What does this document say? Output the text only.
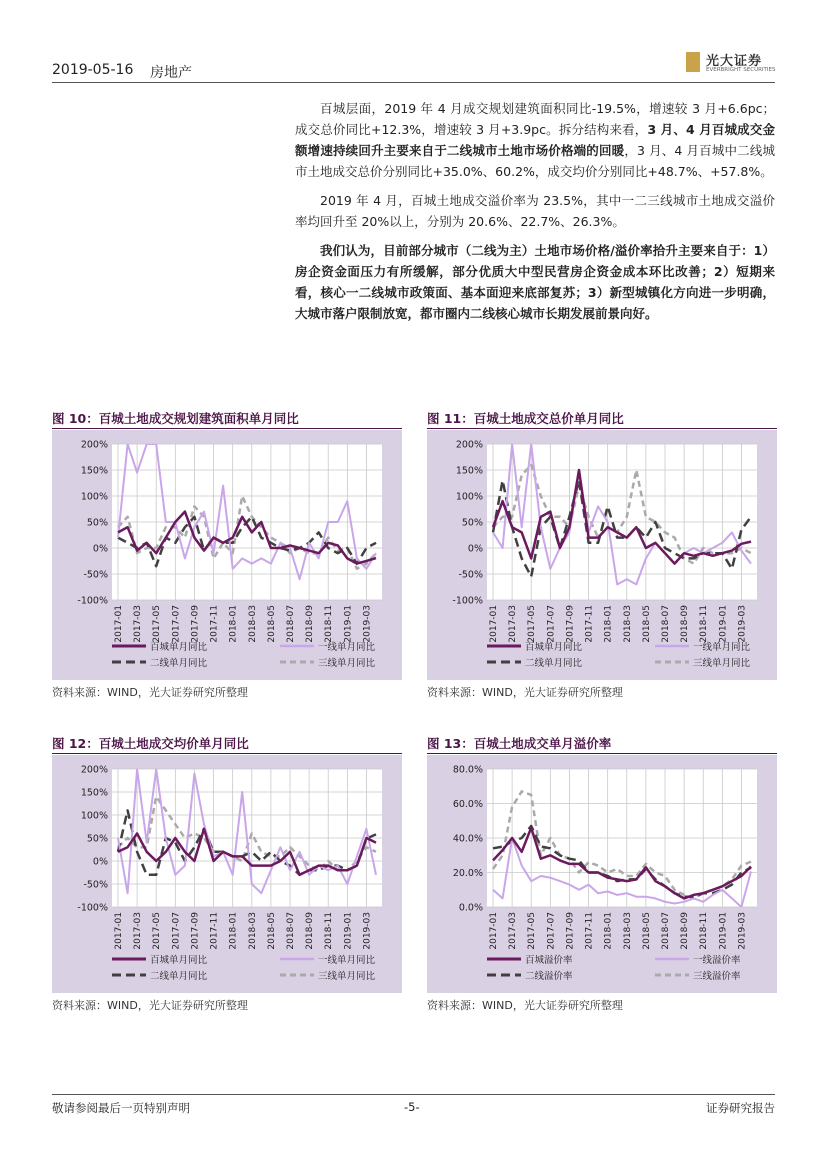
2019-05-16 房地产
光大证券
EVERBRIGHT SECURITIES

百城层面，2019 年 4 月成交规划建筑面积同比-19.5%，增速较 3 月+6.6pc；成交总价同比+12.3%，增速较 3 月+3.9pc。拆分结构来看，3 月、4 月百城成交金额增速持续回升主要来自于二线城市土地市场价格端的回暖，3 月、4 月百城中二线城市土地成交总价分别同比+35.0%、60.2%，成交均价分别同比+48.7%、+57.8%。

2019 年 4 月，百城土地成交溢价率为 23.5%，其中一二三线城市土地成交溢价率均回升至 20%以上，分别为 20.6%、22.7%、26.3%。

我们认为，目前部分城市（二线为主）土地市场价格/溢价率拾升主要来自于：1）房企资金面压力有所缓解，部分优质大中型民营房企资金成本环比改善；2）短期来看，核心一二线城市政策面、基本面迎来底部复苏；3）新型城镇化方向进一步明确，大城市落户限制放宽，都市圈内二线核心城市长期发展前景向好。

图 10：百城土地成交规划建筑面积单月同比
200%
150%
100%
50%
0%
-50%
-100%
2017-01 2017-03 2017-05 2017-07 2017-09 2017-11 2018-01 2018-03 2018-05 2018-07 2018-09 2018-11 2019-01 2019-03
百城单月同比	一线单月同比
二线单月同比	三线单月同比
资料来源：WIND，光大证券研究所整理
图 11：百城土地成交总价单月同比
200%
150%
100%
50%
0%
-50%
-100%
2017-01 2017-03 2017-05 2017-07 2017-09 2017-11 2018-01 2018-03 2018-05 2018-07 2018-09 2018-11 2019-01 2019-03
百城单月同比	一线单月同比
二线单月同比	三线单月同比
资料来源：WIND，光大证券研究所整理
图 12：百城土地成交均价单月同比
200%
150%
100%
50%
0%
-50%
-100%
2017-01 2017-03 2017-05 2017-07 2017-09 2017-11 2018-01 2018-03 2018-05 2018-07 2018-09 2018-11 2019-01 2019-03
百城单月同比	一线单月同比
二线单月同比	三线单月同比
资料来源：WIND，光大证券研究所整理
图 13：百城土地成交单月溢价率
80.0%
60.0%
40.0%
20.0%
0.0%
2017-01 2017-03 2017-05 2017-07 2017-09 2017-11 2018-01 2018-03 2018-05 2018-07 2018-09 2018-11 2019-01 2019-03
百城溢价率	一线溢价率
二线溢价率	三线溢价率
资料来源：WIND，光大证券研究所整理
敬请参阅最后一页特别声明	-5-	证券研究报告
